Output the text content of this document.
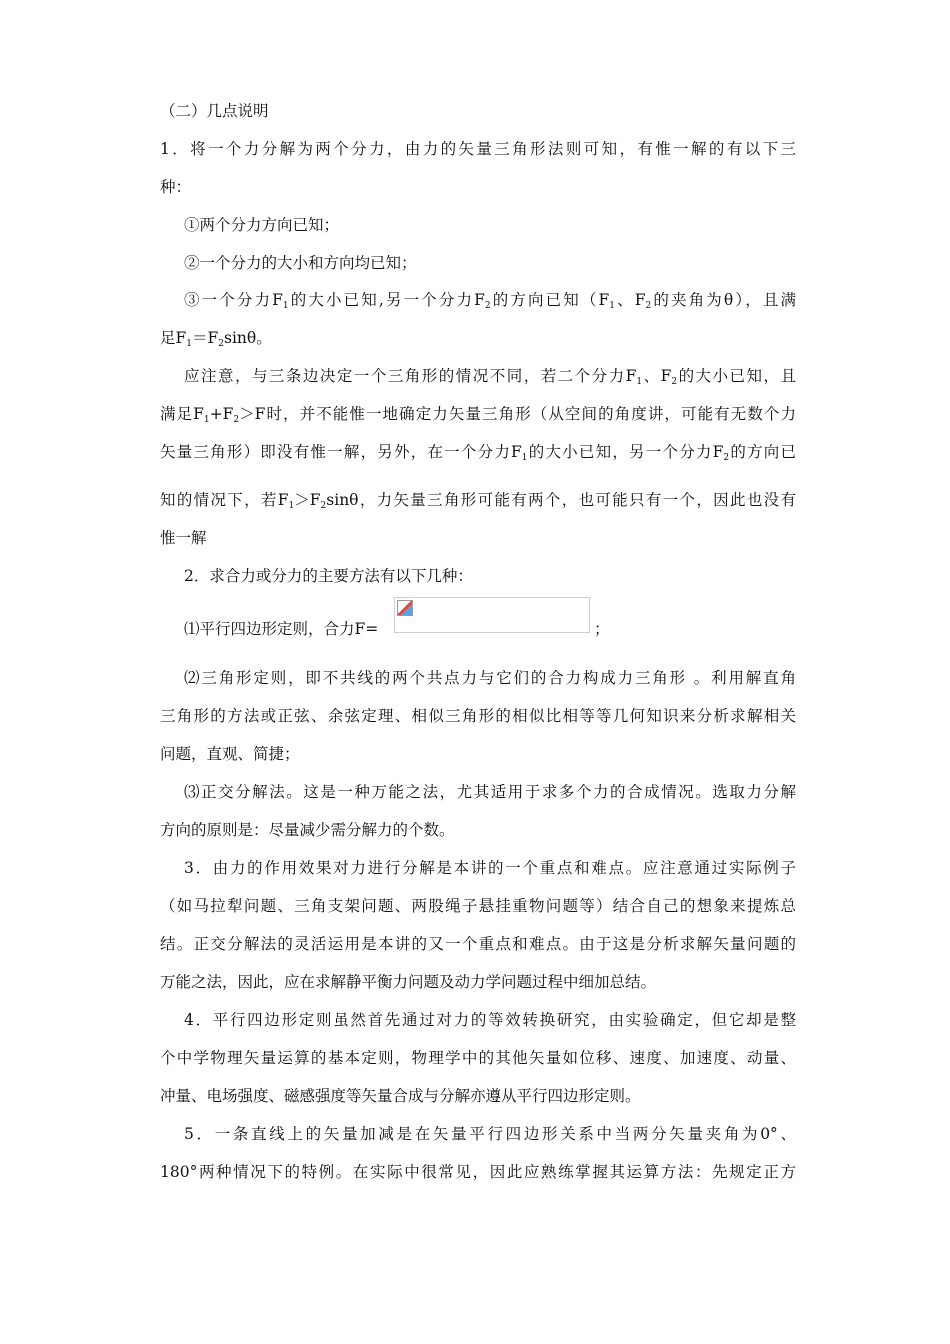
（二）几点说明
1．将一个力分解为两个分力，由力的矢量三角形法则可知，有惟一解的有以下三
种：
①两个分力方向已知；
②一个分力的大小和方向均已知；
③一个分力$F_1$的大小已知,另一个分力$F_2$的方向已知（$F_1$、$F_2$的夹角为θ），且满
足$F_1=F_2\sin\theta$。
应注意，与三条边决定一个三角形的情况不同，若二个分力$F_1$、$F_2$的大小已知，且
满足$F_1+F_2>F$时，并不能惟一地确定力矢量三角形（从空间的角度讲，可能有无数个力
矢量三角形）即没有惟一解，另外，在一个分力$F_1$的大小已知，另一个分力$F_2$的方向已
知的情况下，若$F_1>F_2\sin\theta$，力矢量三角形可能有两个，也可能只有一个，因此也没有
惟一解
2．求合力或分力的主要方法有以下几种：
⑴平行四边形定则，合力F=	；
⑵三角形定则，即不共线的两个共点力与它们的合力构成力三角形 。利用解直角
三角形的方法或正弦、余弦定理、相似三角形的相似比相等等几何知识来分析求解相关
问题，直观、简捷；
⑶正交分解法。这是一种万能之法，尤其适用于求多个力的合成情况。选取力分解
方向的原则是：尽量减少需分解力的个数。
3．由力的作用效果对力进行分解是本讲的一个重点和难点。应注意通过实际例子
（如马拉犁问题、三角支架问题、两股绳子悬挂重物问题等）结合自己的想象来提炼总
结。正交分解法的灵活运用是本讲的又一个重点和难点。由于这是分析求解矢量问题的
万能之法，因此，应在求解静平衡力问题及动力学问题过程中细加总结。
4．平行四边形定则虽然首先通过对力的等效转换研究，由实验确定，但它却是整
个中学物理矢量运算的基本定则，物理学中的其他矢量如位移、速度、加速度、动量、
冲量、电场强度、磁感强度等矢量合成与分解亦遵从平行四边形定则。
5．一条直线上的矢量加减是在矢量平行四边形关系中当两分矢量夹角为0°、
180°两种情况下的特例。在实际中很常见，因此应熟练掌握其运算方法：先规定正方
